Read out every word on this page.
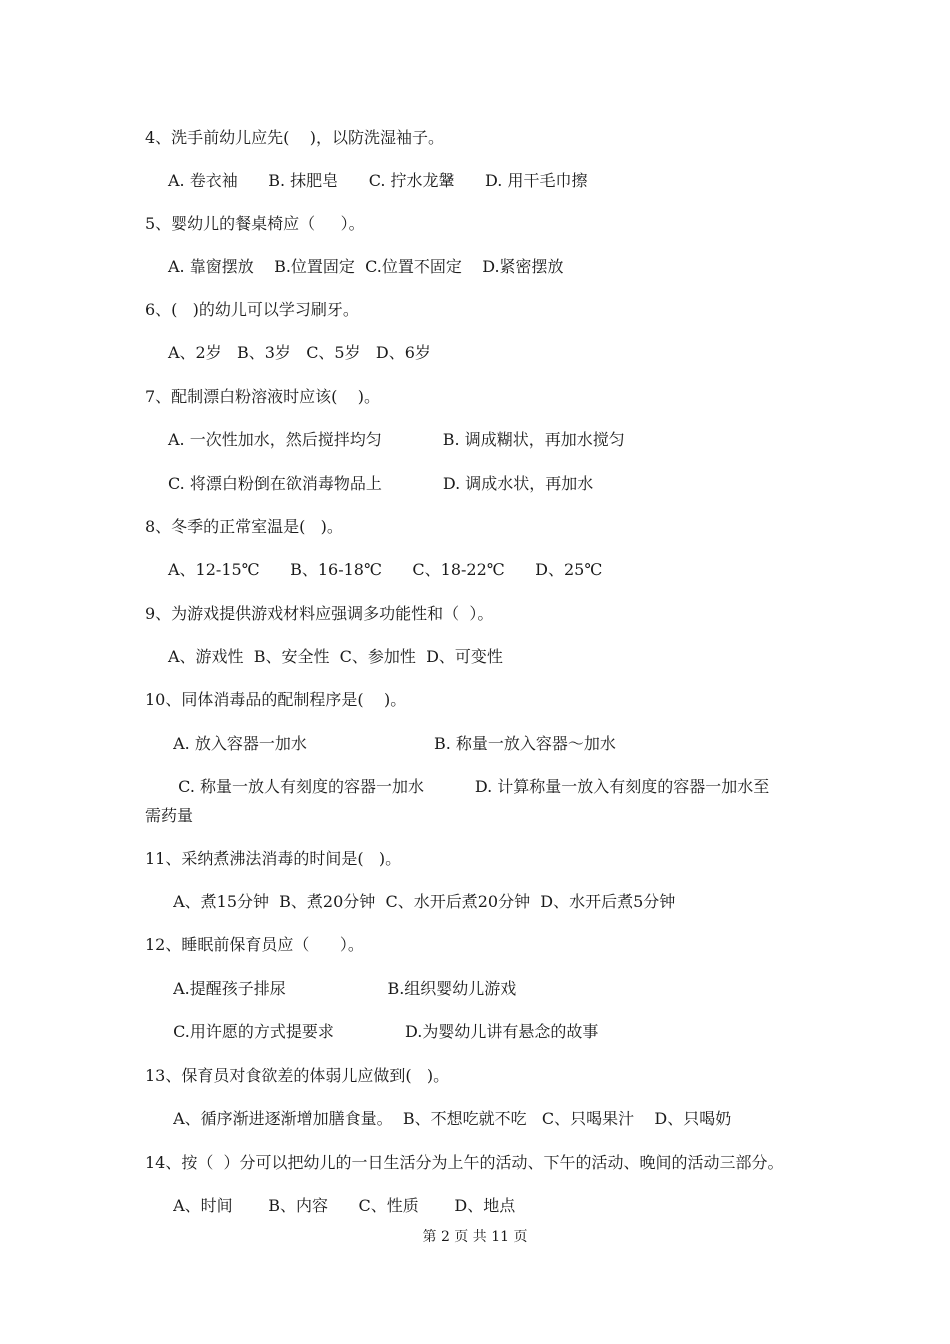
4、洗手前幼儿应先(    )，以防洗湿袖子。
A. 卷衣袖      B. 抹肥皂      C. 拧水龙鞶      D. 用干毛巾擦
5、婴幼儿的餐桌椅应（     ）。
A. 靠窗摆放    B.位置固定  C.位置不固定    D.紧密摆放
6、(   )的幼儿可以学习刷牙。
A、2岁   B、3岁   C、5岁   D、6岁
7、配制漂白粉溶液时应该(    )。
A. 一次性加水，然后搅拌均匀            B. 调成糊状，再加水搅匀
C. 将漂白粉倒在欲消毒物品上            D. 调成水状，再加水
8、冬季的正常室温是(   )。
A、12-15℃      B、16-18℃      C、18-22℃      D、25℃
9、为游戏提供游戏材料应强调多功能性和（  ）。
A、游戏性  B、安全性  C、参加性  D、可变性
10、同体消毒品的配制程序是(    )。
A. 放入容器一加水                         B. 称量一放入容器～加水
C. 称量一放人有刻度的容器一加水          D. 计算称量一放入有刻度的容器一加水至
需药量
11、采纳煮沸法消毒的时间是(   )。
A、煮15分钟  B、煮20分钟  C、水开后煮20分钟  D、水开后煮5分钟
12、睡眠前保育员应（      ）。
A.提醒孩子排尿                    B.组织婴幼儿游戏
C.用许愿的方式提要求              D.为婴幼儿讲有悬念的故事
13、保育员对食欲差的体弱儿应做到(   )。
A、循序渐进逐渐增加膳食量。  B、不想吃就不吃   C、只喝果汁    D、只喝奶
14、按（  ）分可以把幼儿的一日生活分为上午的活动、下午的活动、晚间的活动三部分。
A、时间       B、内容      C、性质       D、地点
第 2 页 共 11 页
